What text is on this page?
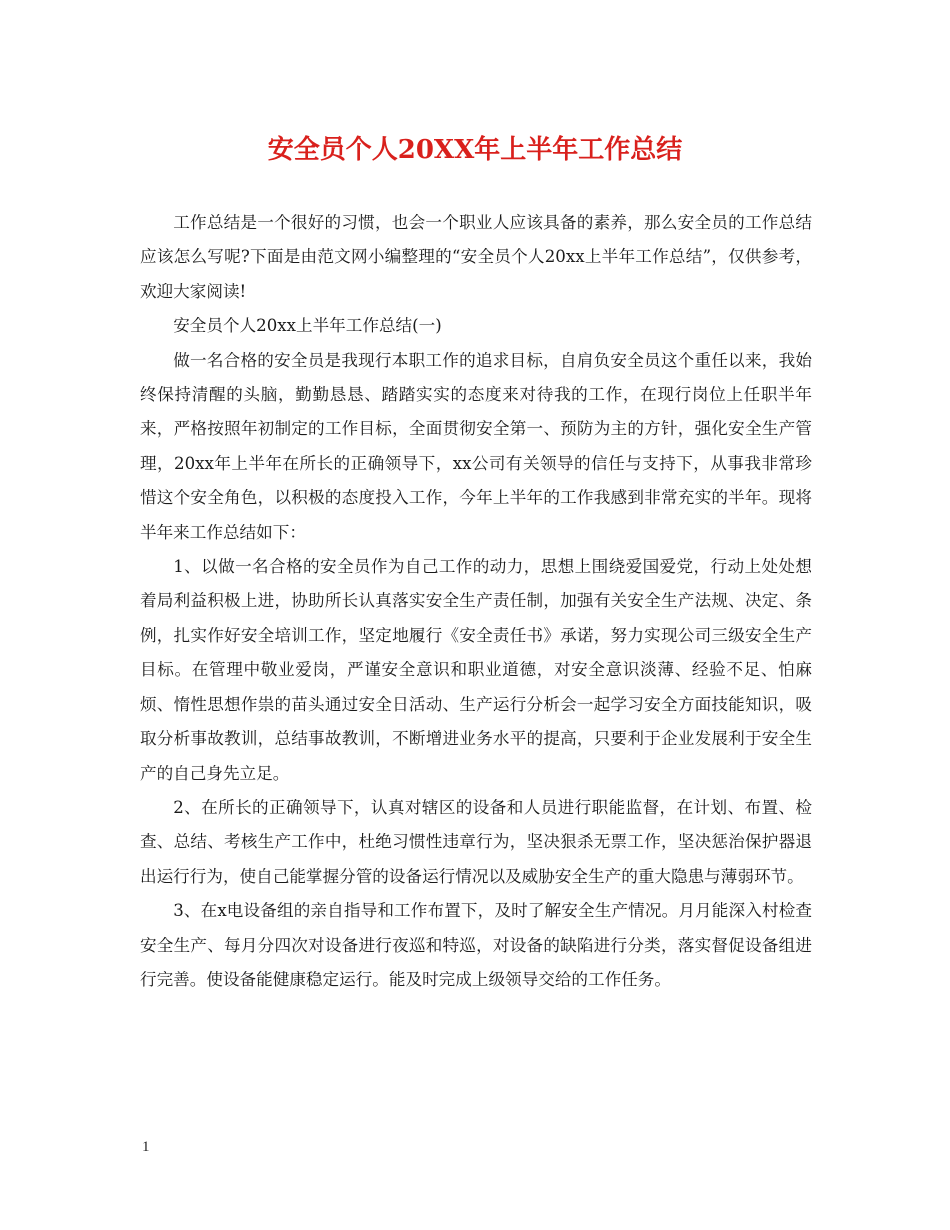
安全员个人20XX年上半年工作总结

工作总结是一个很好的习惯，也会一个职业人应该具备的素养，那么安全员的工作总结应该怎么写呢?下面是由范文网小编整理的“安全员个人20xx上半年工作总结”，仅供参考，欢迎大家阅读!

安全员个人20xx上半年工作总结(一)

做一名合格的安全员是我现行本职工作的追求目标，自肩负安全员这个重任以来，我始终保持清醒的头脑，勤勤恳恳、踏踏实实的态度来对待我的工作，在现行岗位上任职半年来，严格按照年初制定的工作目标，全面贯彻安全第一、预防为主的方针，强化安全生产管理，20xx年上半年在所长的正确领导下，xx公司有关领导的信任与支持下，从事我非常珍惜这个安全角色，以积极的态度投入工作，今年上半年的工作我感到非常充实的半年。现将半年来工作总结如下：

1、以做一名合格的安全员作为自己工作的动力，思想上围绕爱国爱党，行动上处处想着局利益积极上进，协助所长认真落实安全生产责任制，加强有关安全生产法规、决定、条例，扎实作好安全培训工作，坚定地履行《安全责任书》承诺，努力实现公司三级安全生产目标。在管理中敬业爱岗，严谨安全意识和职业道德，对安全意识淡薄、经验不足、怕麻烦、惰性思想作祟的苗头通过安全日活动、生产运行分析会一起学习安全方面技能知识，吸取分析事故教训，总结事故教训，不断增进业务水平的提高，只要利于企业发展利于安全生产的自己身先立足。

2、在所长的正确领导下，认真对辖区的设备和人员进行职能监督，在计划、布置、检查、总结、考核生产工作中，杜绝习惯性违章行为，坚决狠杀无票工作，坚决惩治保护器退出运行行为，使自己能掌握分管的设备运行情况以及威胁安全生产的重大隐患与薄弱环节。

3、在x电设备组的亲自指导和工作布置下，及时了解安全生产情况。月月能深入村检查安全生产、每月分四次对设备进行夜巡和特巡，对设备的缺陷进行分类，落实督促设备组进行完善。使设备能健康稳定运行。能及时完成上级领导交给的工作任务。

1
